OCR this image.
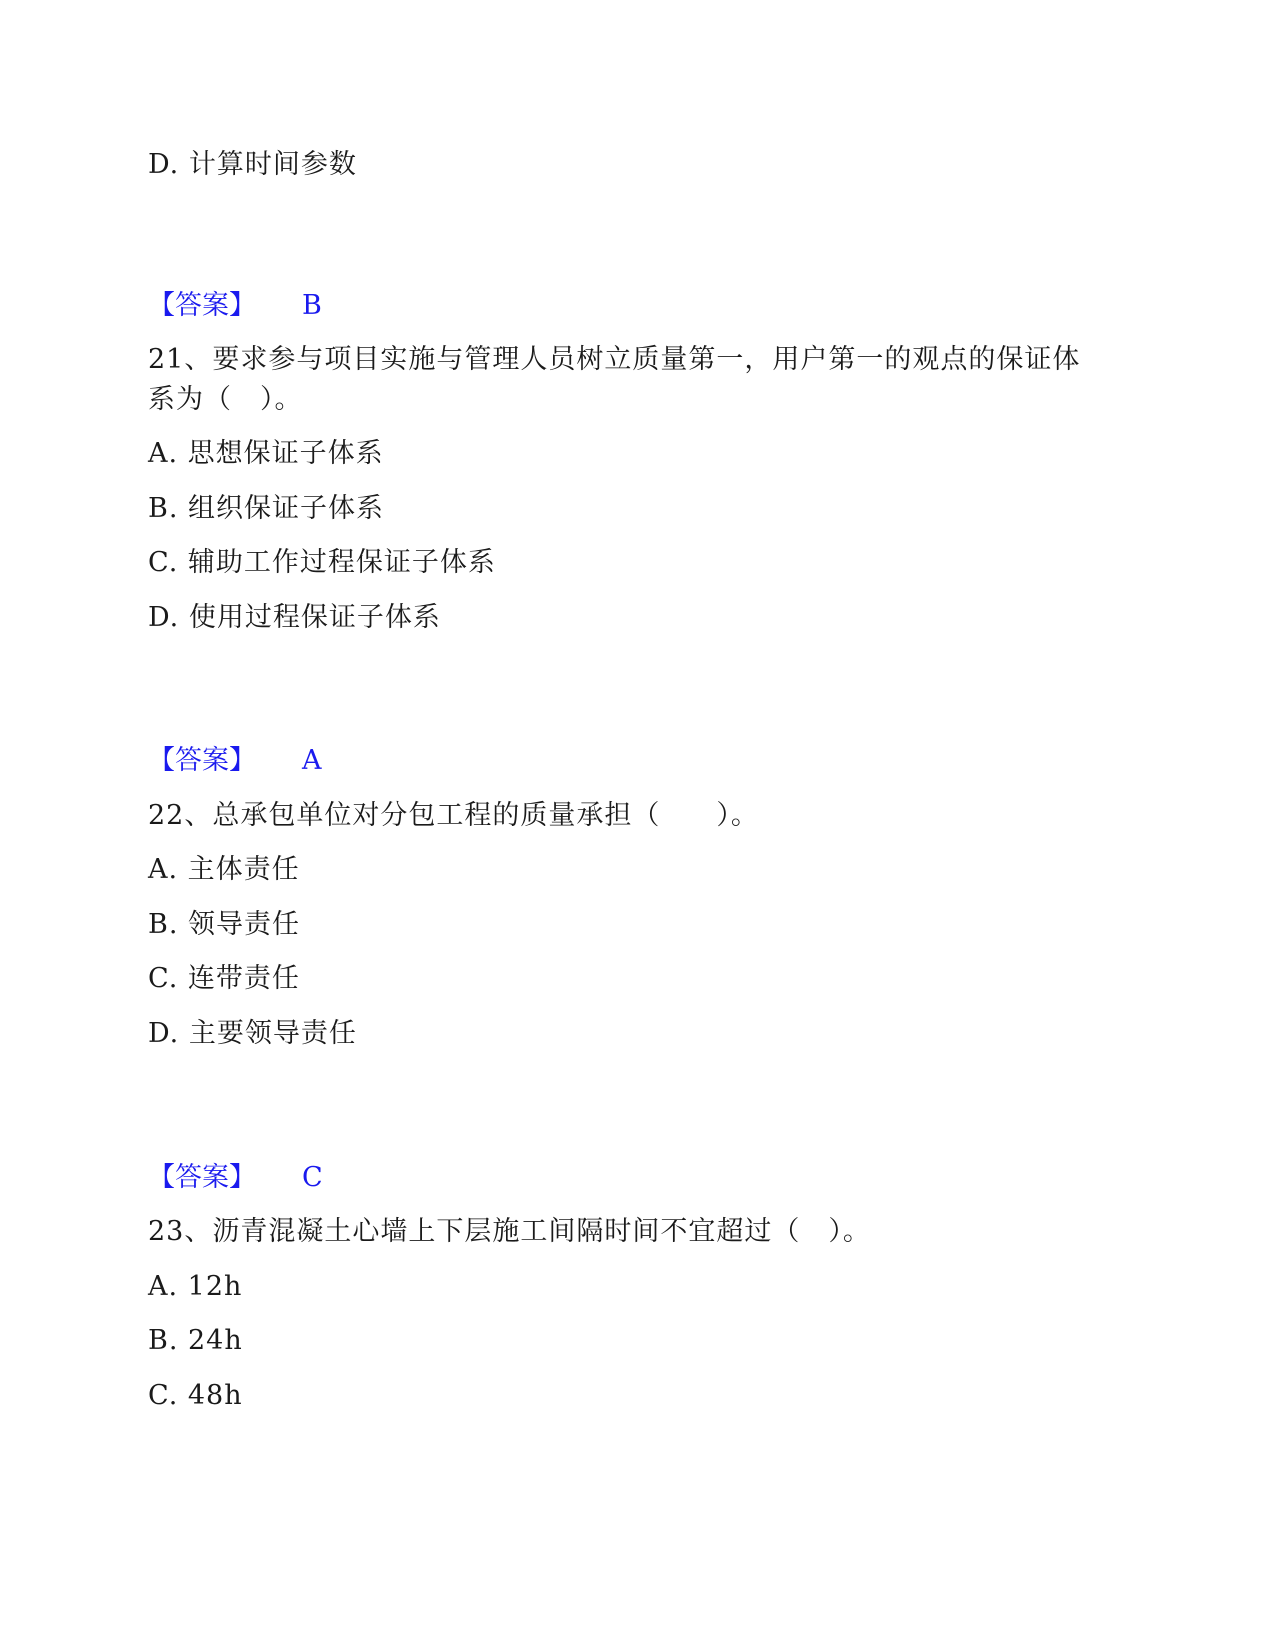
D. 计算时间参数
【答案】 B
21、要求参与项目实施与管理人员树立质量第一，用户第一的观点的保证体
系为（　）。
A. 思想保证子体系
B. 组织保证子体系
C. 辅助工作过程保证子体系
D. 使用过程保证子体系
【答案】 A
22、总承包单位对分包工程的质量承担（　　）。
A. 主体责任
B. 领导责任
C. 连带责任
D. 主要领导责任
【答案】 C
23、沥青混凝土心墙上下层施工间隔时间不宜超过（　）。
A. 12h
B. 24h
C. 48h
